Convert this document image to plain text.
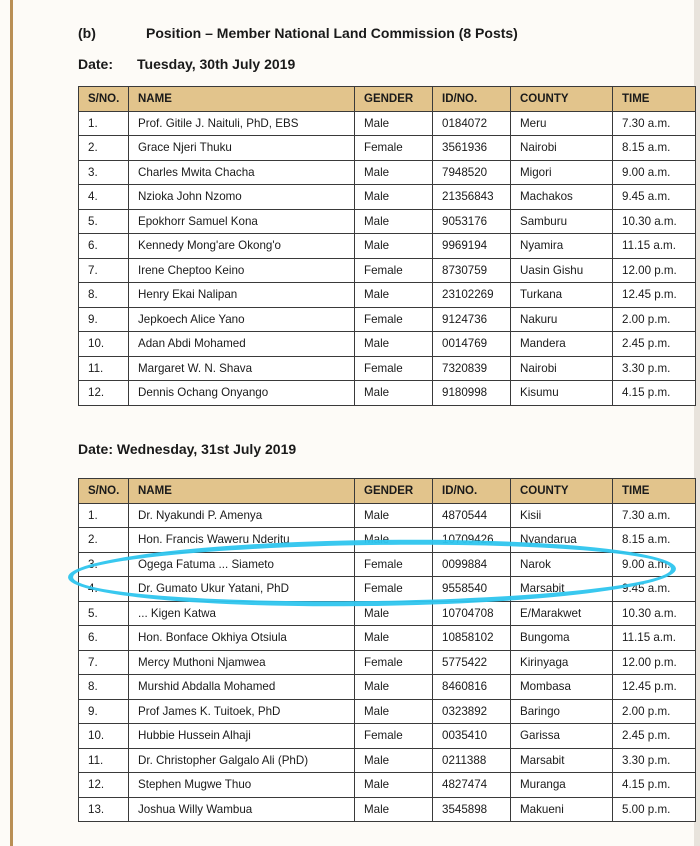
(b)	Position – Member National Land Commission (8 Posts)
Date: Tuesday, 30th July 2019
S/NO.	NAME	GENDER	ID/NO.	COUNTY	TIME
1.	Prof. Gitile J. Naituli, PhD, EBS	Male	0184072	Meru	7.30 a.m.
2.	Grace Njeri Thuku	Female	3561936	Nairobi	8.15 a.m.
3.	Charles Mwita Chacha	Male	7948520	Migori	9.00 a.m.
4.	Nzioka John Nzomo	Male	21356843	Machakos	9.45 a.m.
5.	Epokhorr Samuel Kona	Male	9053176	Samburu	10.30 a.m.
6.	Kennedy Mong'are Okong'o	Male	9969194	Nyamira	11.15 a.m.
7.	Irene Cheptoo Keino	Female	8730759	Uasin Gishu	12.00 p.m.
8.	Henry Ekai Nalipan	Male	23102269	Turkana	12.45 p.m.
9.	Jepkoech Alice Yano	Female	9124736	Nakuru	2.00 p.m.
10.	Adan Abdi Mohamed	Male	0014769	Mandera	2.45 p.m.
11.	Margaret W. N. Shava	Female	7320839	Nairobi	3.30 p.m.
12.	Dennis Ochang Onyango	Male	9180998	Kisumu	4.15 p.m.
Date: Wednesday, 31st July 2019
S/NO.	NAME	GENDER	ID/NO.	COUNTY	TIME
1.	Dr. Nyakundi P. Amenya	Male	4870544	Kisii	7.30 a.m.
2.	Hon. Francis Waweru Nderitu	Male	10709426	Nyandarua	8.15 a.m.
3.	Ogega Fatuma ... Siameto	Female	0099884	Narok	9.00 a.m.
4.	Dr. Gumato Ukur Yatani, PhD	Female	9558540	Marsabit	9.45 a.m.
5.	... Kigen Katwa	Male	10704708	E/Marakwet	10.30 a.m.
6.	Hon. Bonface Okhiya Otsiula	Male	10858102	Bungoma	11.15 a.m.
7.	Mercy Muthoni Njamwea	Female	5775422	Kirinyaga	12.00 p.m.
8.	Murshid Abdalla Mohamed	Male	8460816	Mombasa	12.45 p.m.
9.	Prof James K. Tuitoek, PhD	Male	0323892	Baringo	2.00 p.m.
10.	Hubbie Hussein Alhaji	Female	0035410	Garissa	2.45 p.m.
11.	Dr. Christopher Galgalo Ali (PhD)	Male	0211388	Marsabit	3.30 p.m.
12.	Stephen Mugwe Thuo	Male	4827474	Muranga	4.15 p.m.
13.	Joshua Willy Wambua	Male	3545898	Makueni	5.00 p.m.
